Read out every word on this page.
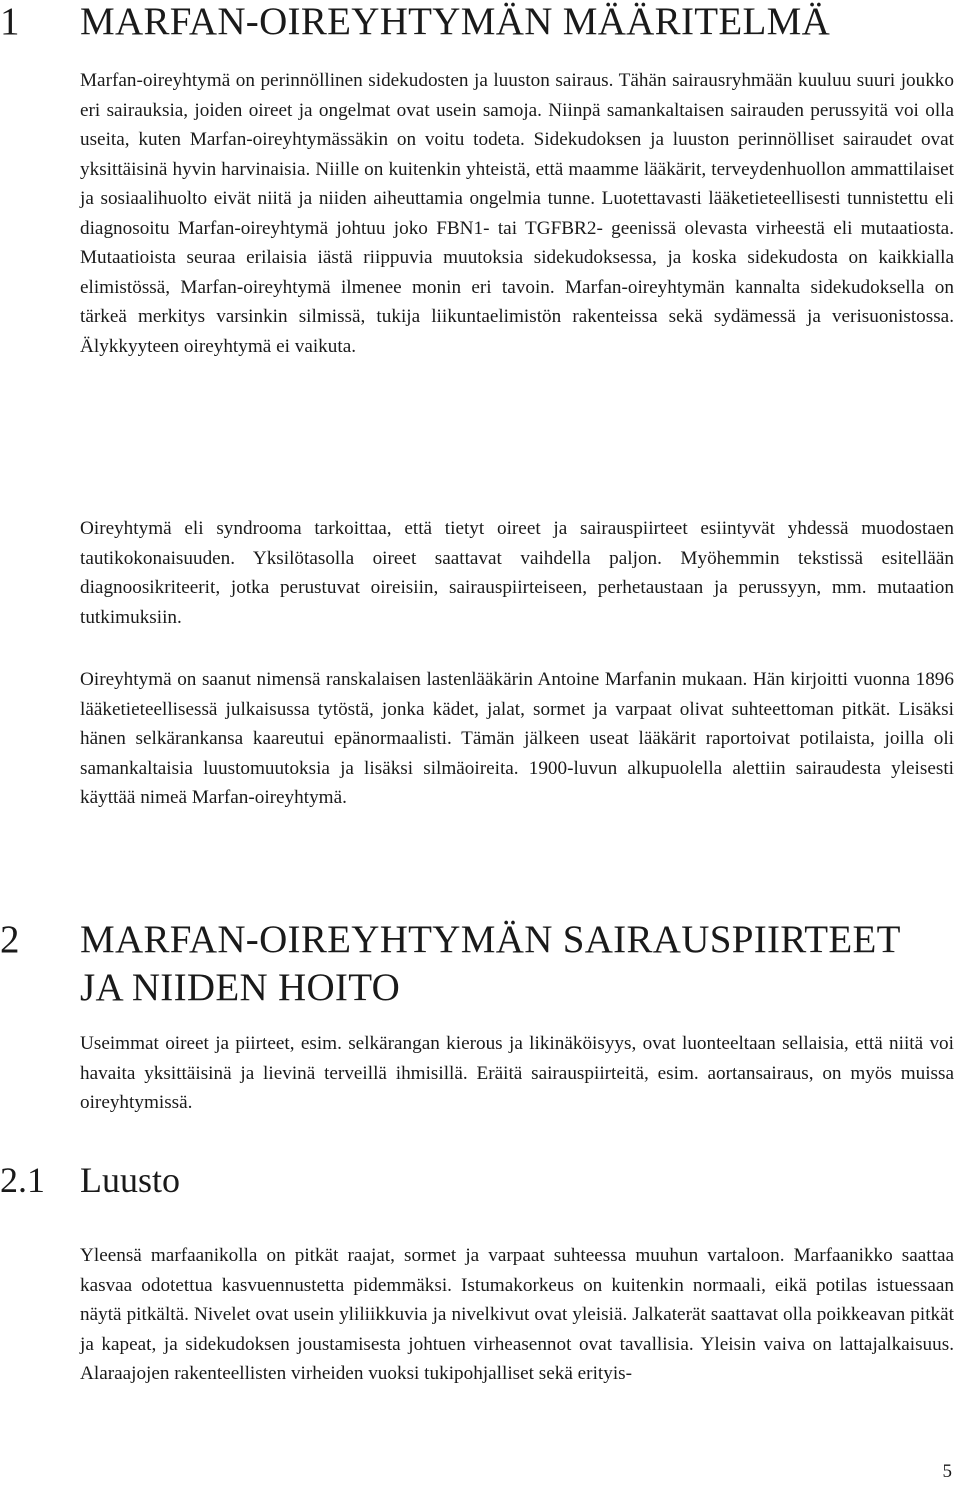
1	MARFAN-OIREYHTYMÄN MÄÄRITELMÄ

Marfan-oireyhtymä on perinnöllinen sidekudosten ja luuston sairaus. Tähän sairausryhmään kuuluu suuri joukko eri sairauksia, joiden oireet ja ongelmat ovat usein samoja. Niinpä samankaltaisen sairauden perussyitä voi olla useita, kuten Marfan-oireyhtymässäkin on voitu todeta. Sidekudoksen ja luuston perinnölliset sairaudet ovat yksittäisinä hyvin harvinaisia. Niille on kuitenkin yhteistä, että maamme lääkärit, terveydenhuollon ammattilaiset ja sosiaalihuolto eivät niitä ja niiden aiheuttamia ongelmia tunne. Luotettavasti lääketieteellisesti tunnistettu eli diagnosoitu Marfan-oireyhtymä johtuu joko FBN1- tai TGFBR2- geenissä olevasta virheestä eli mutaatiosta. Mutaatioista seuraa erilaisia iästä riippuvia muutoksia sidekudoksessa, ja koska sidekudosta on kaikkialla elimistössä, Marfan-oireyhtymä ilmenee monin eri tavoin. Marfan-oireyhtymän kannalta sidekudoksella on tärkeä merkitys varsinkin silmissä, tukija liikuntaelimistön rakenteissa sekä sydämessä ja verisuonistossa. Älykkyyteen oireyhtymä ei vaikuta.

Oireyhtymä eli syndrooma tarkoittaa, että tietyt oireet ja sairauspiirteet esiintyvät yhdessä muodostaen tautikokonaisuuden. Yksilötasolla oireet saattavat vaihdella paljon. Myöhemmin tekstissä esitellään diagnoosikriteerit, jotka perustuvat oireisiin, sairauspiirteiseen, perhetaustaan ja perussyyn, mm. mutaation tutkimuksiin.

Oireyhtymä on saanut nimensä ranskalaisen lastenlääkärin Antoine Marfanin mukaan. Hän kirjoitti vuonna 1896 lääketieteellisessä julkaisussa tytöstä, jonka kädet, jalat, sormet ja varpaat olivat suhteettoman pitkät. Lisäksi hänen selkärankansa kaareutui epänormaalisti. Tämän jälkeen useat lääkärit raportoivat potilaista, joilla oli samankaltaisia luustomuutoksia ja lisäksi silmäoireita. 1900-luvun alkupuolella alettiin sairaudesta yleisesti käyttää nimeä Marfan-oireyhtymä.

2	MARFAN-OIREYHTYMÄN SAIRAUSPIIRTEET
JA NIIDEN HOITO

Useimmat oireet ja piirteet, esim. selkärangan kierous ja likinäköisyys, ovat luonteeltaan sellaisia, että niitä voi havaita yksittäisinä ja lievinä terveillä ihmisillä. Eräitä sairauspiirteitä, esim. aortansairaus, on myös muissa oireyhtymissä.

2.1 Luusto

Yleensä marfaanikolla on pitkät raajat, sormet ja varpaat suhteessa muuhun vartaloon. Marfaanikko saattaa kasvaa odotettua kasvuennustetta pidemmäksi. Istumakorkeus on kuitenkin normaali, eikä potilas istuessaan näytä pitkältä. Nivelet ovat usein yliliikkuvia ja nivelkivut ovat yleisiä. Jalkaterät saattavat olla poikkeavan pitkät ja kapeat, ja sidekudoksen joustamisesta johtuen virheasennot ovat tavallisia. Yleisin vaiva on lattajalkaisuus. Alaraajojen rakenteellisten virheiden vuoksi tukipohjalliset sekä erityis-

5
